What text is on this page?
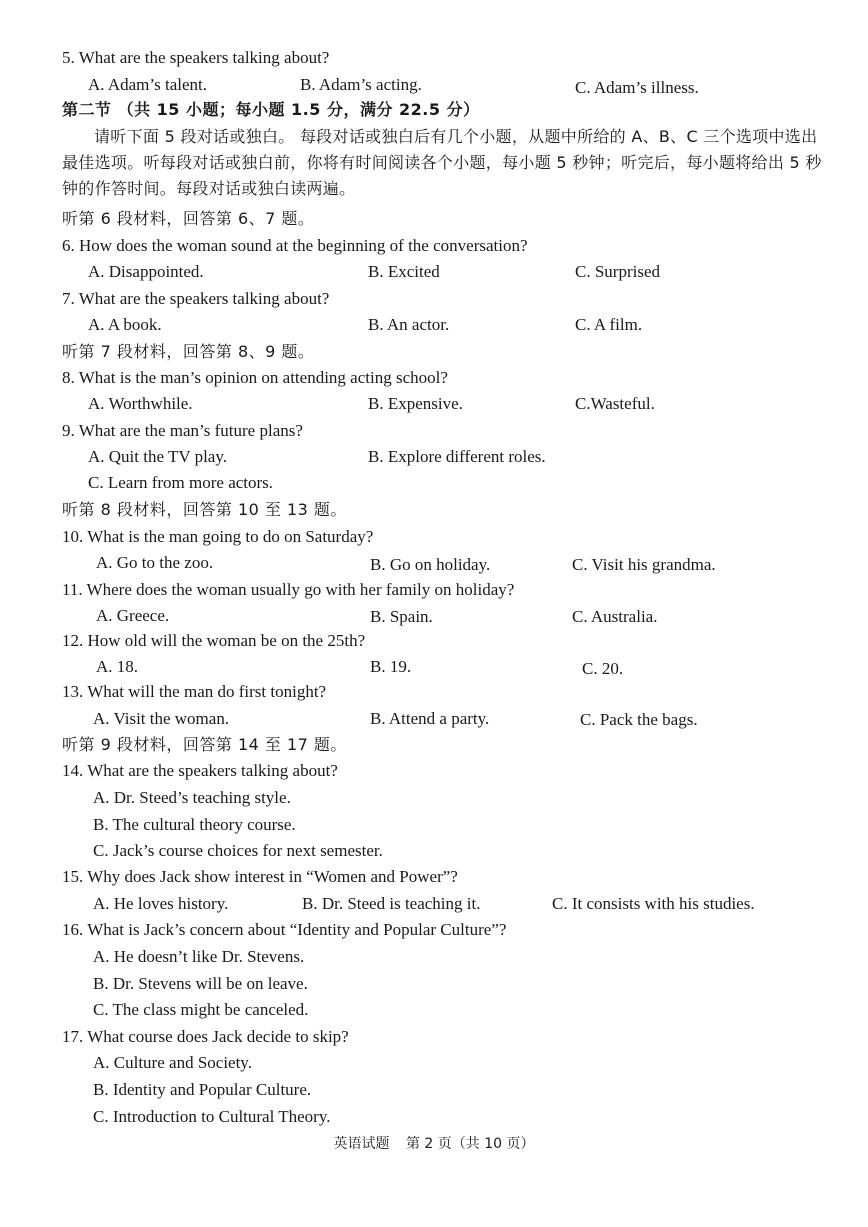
5. What are the speakers talking about?
A. Adam’s talent.	B. Adam’s acting.	C. Adam’s illness.
第二节 （共 15 小题；每小题 1.5 分，满分 22.5 分）
请听下面 5 段对话或独白。 每段对话或独白后有几个小题，从题中所给的 A、B、C 三个选项中选出最佳选项。听每段对话或独白前，你将有时间阅读各个小题，每小题 5 秒钟；听完后，每小题将给出 5 秒钟的作答时间。每段对话或独白读两遍。
听第 6 段材料，回答第 6、7 题。
6. How does the woman sound at the beginning of the conversation?
A. Disappointed.	B. Excited	C. Surprised
7. What are the speakers talking about?
A. A book.	B. An actor.	C. A film.
听第 7 段材料，回答第 8、9 题。
8. What is the man’s opinion on attending acting school?
A. Worthwhile.	B. Expensive.	C.Wasteful.
9. What are the man’s future plans?
A. Quit the TV play.	B. Explore different roles.
C. Learn from more actors.
听第 8 段材料，回答第 10 至 13 题。
10. What is the man going to do on Saturday?
A. Go to the zoo.	B. Go on holiday.	C. Visit his grandma.
11. Where does the woman usually go with her family on holiday?
A. Greece.	B. Spain.	C. Australia.
12. How old will the woman be on the 25th?
A. 18.	B. 19.	C. 20.
13. What will the man do first tonight?
A. Visit the woman.	B. Attend a party.	C. Pack the bags.
听第 9 段材料，回答第 14 至 17 题。
14. What are the speakers talking about?
A. Dr. Steed’s teaching style.
B. The cultural theory course.
C. Jack’s course choices for next semester.
15. Why does Jack show interest in “Women and Power”?
A. He loves history.	B. Dr. Steed is teaching it.	C. It consists with his studies.
16. What is Jack’s concern about “Identity and Popular Culture”?
A. He doesn’t like Dr. Stevens.
B. Dr. Stevens will be on leave.
C. The class might be canceled.
17. What course does Jack decide to skip?
A. Culture and Society.
B. Identity and Popular Culture.
C. Introduction to Cultural Theory.
英语试题 第 2 页（共 10 页）
